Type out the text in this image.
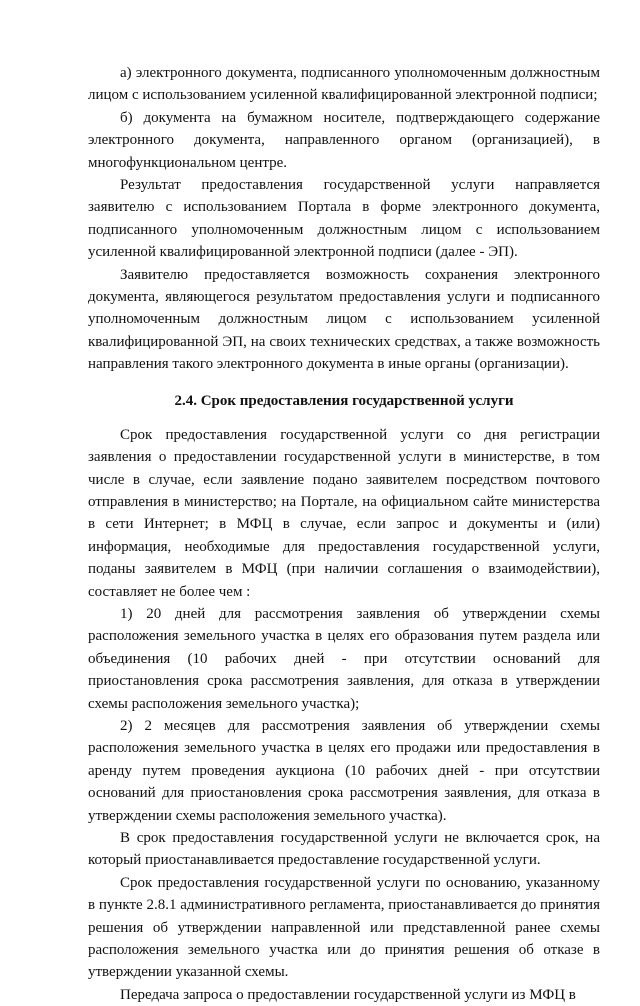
а) электронного документа, подписанного уполномоченным должностным лицом с использованием усиленной квалифицированной электронной подписи;

б) документа на бумажном носителе, подтверждающего содержание электронного документа, направленного органом (организацией), в многофункциональном центре.

Результат предоставления государственной услуги направляется заявителю с использованием Портала в форме электронного документа, подписанного уполномоченным должностным лицом с использованием усиленной квалифицированной электронной подписи (далее - ЭП).

Заявителю предоставляется возможность сохранения электронного документа, являющегося результатом предоставления услуги и подписанного уполномоченным должностным лицом с использованием усиленной квалифицированной ЭП, на своих технических средствах, а также возможность направления такого электронного документа в иные органы (организации).

2.4. Срок предоставления государственной услуги

Срок предоставления государственной услуги со дня регистрации заявления о предоставлении государственной услуги в министерстве, в том числе в случае, если заявление подано заявителем посредством почтового отправления в министерство; на Портале, на официальном сайте министерства в сети Интернет; в МФЦ в случае, если запрос и документы и (или) информация, необходимые для предоставления государственной услуги, поданы заявителем в МФЦ (при наличии соглашения о взаимодействии), составляет не более чем :

1) 20 дней для рассмотрения заявления об утверждении схемы расположения земельного участка в целях его образования путем раздела или объединения (10 рабочих дней - при отсутствии оснований для приостановления срока рассмотрения заявления, для отказа в утверждении схемы расположения земельного участка);

2) 2 месяцев для рассмотрения заявления об утверждении схемы расположения земельного участка в целях его продажи или предоставления в аренду путем проведения аукциона (10 рабочих дней - при отсутствии оснований для приостановления срока рассмотрения заявления, для отказа в утверждении схемы расположения земельного участка).

В срок предоставления государственной услуги не включается срок, на который приостанавливается предоставление государственной услуги.

Срок предоставления государственной услуги по основанию, указанному в пункте 2.8.1 административного регламента, приостанавливается до принятия решения об утверждении направленной или представленной ранее схемы расположения земельного участка или до принятия решения об отказе в утверждении указанной схемы.

Передача запроса о предоставлении государственной услуги из МФЦ в
